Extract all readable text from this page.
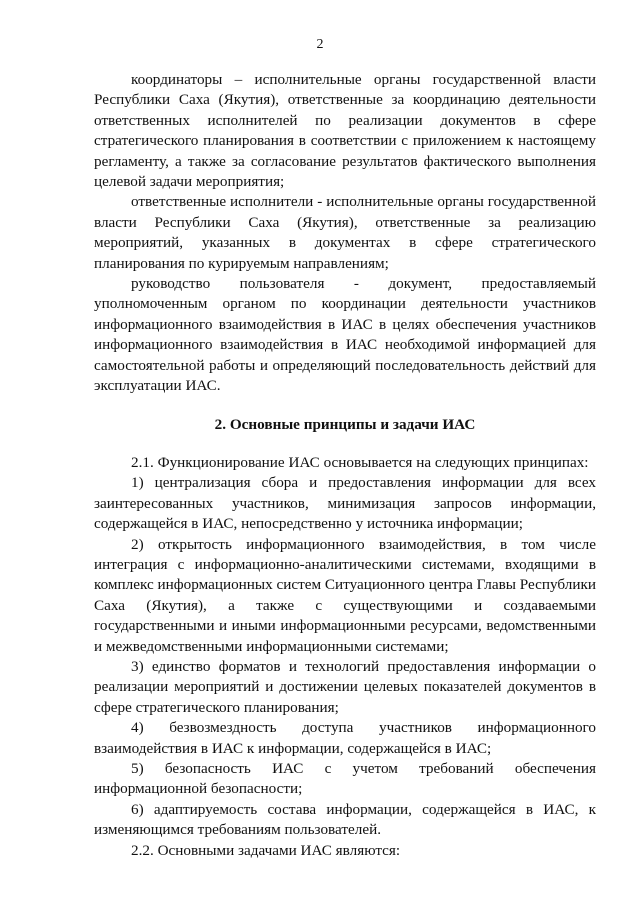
2

координаторы – исполнительные органы государственной власти Республики Саха (Якутия), ответственные за координацию деятельности ответственных исполнителей по реализации документов в сфере стратегического планирования в соответствии с приложением к настоящему регламенту, а также за согласование результатов фактического выполнения целевой задачи мероприятия;

ответственные исполнители - исполнительные органы государственной власти Республики Саха (Якутия), ответственные за реализацию мероприятий, указанных в документах в сфере стратегического планирования по курируемым направлениям;

руководство пользователя - документ, предоставляемый уполномоченным органом по координации деятельности участников информационного взаимодействия в ИАС в целях обеспечения участников информационного взаимодействия в ИАС необходимой информацией для самостоятельной работы и определяющий последовательность действий для эксплуатации ИАС.

2. Основные принципы и задачи ИАС

2.1. Функционирование ИАС основывается на следующих принципах:

1) централизация сбора и предоставления информации для всех заинтересованных участников, минимизация запросов информации, содержащейся в ИАС, непосредственно у источника информации;

2) открытость информационного взаимодействия, в том числе интеграция с информационно-аналитическими системами, входящими в комплекс информационных систем Ситуационного центра Главы Республики Саха (Якутия), а также с существующими и создаваемыми государственными и иными информационными ресурсами, ведомственными и межведомственными информационными системами;

3) единство форматов и технологий предоставления информации о реализации мероприятий и достижении целевых показателей документов в сфере стратегического планирования;

4) безвозмездность доступа участников информационного взаимодействия в ИАС к информации, содержащейся в ИАС;

5) безопасность ИАС с учетом требований обеспечения информационной безопасности;

6) адаптируемость состава информации, содержащейся в ИАС, к изменяющимся требованиям пользователей.

2.2. Основными задачами ИАС являются:
